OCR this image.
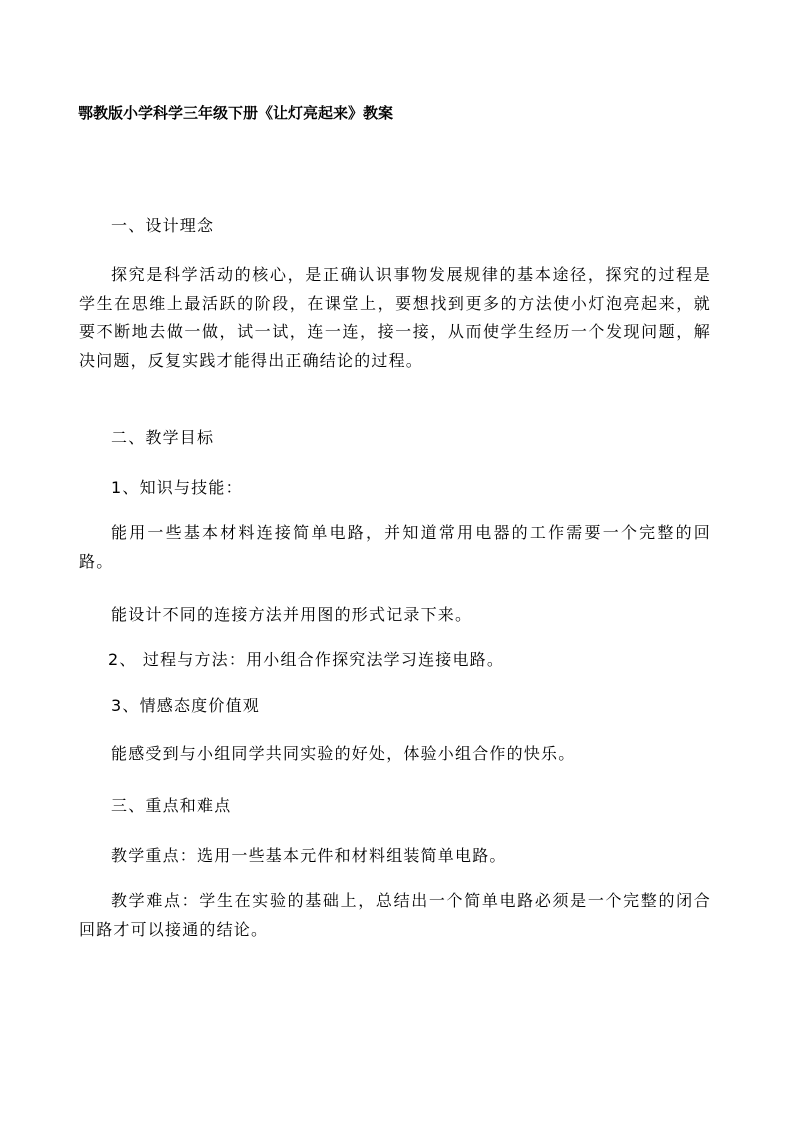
鄂教版小学科学三年级下册《让灯亮起来》教案

一、设计理念

探究是科学活动的核心，是正确认识事物发展规律的基本途径，探究的过程是学生在思维上最活跃的阶段，在课堂上，要想找到更多的方法使小灯泡亮起来，就要不断地去做一做，试一试，连一连，接一接，从而使学生经历一个发现问题，解决问题，反复实践才能得出正确结论的过程。

二、教学目标

1、知识与技能：

能用一些基本材料连接简单电路，并知道常用电器的工作需要一个完整的回路。

能设计不同的连接方法并用图的形式记录下来。

2、 过程与方法：用小组合作探究法学习连接电路。

3、情感态度价值观

能感受到与小组同学共同实验的好处，体验小组合作的快乐。

三、重点和难点

教学重点：选用一些基本元件和材料组装简单电路。

教学难点：学生在实验的基础上，总结出一个简单电路必须是一个完整的闭合回路才可以接通的结论。
